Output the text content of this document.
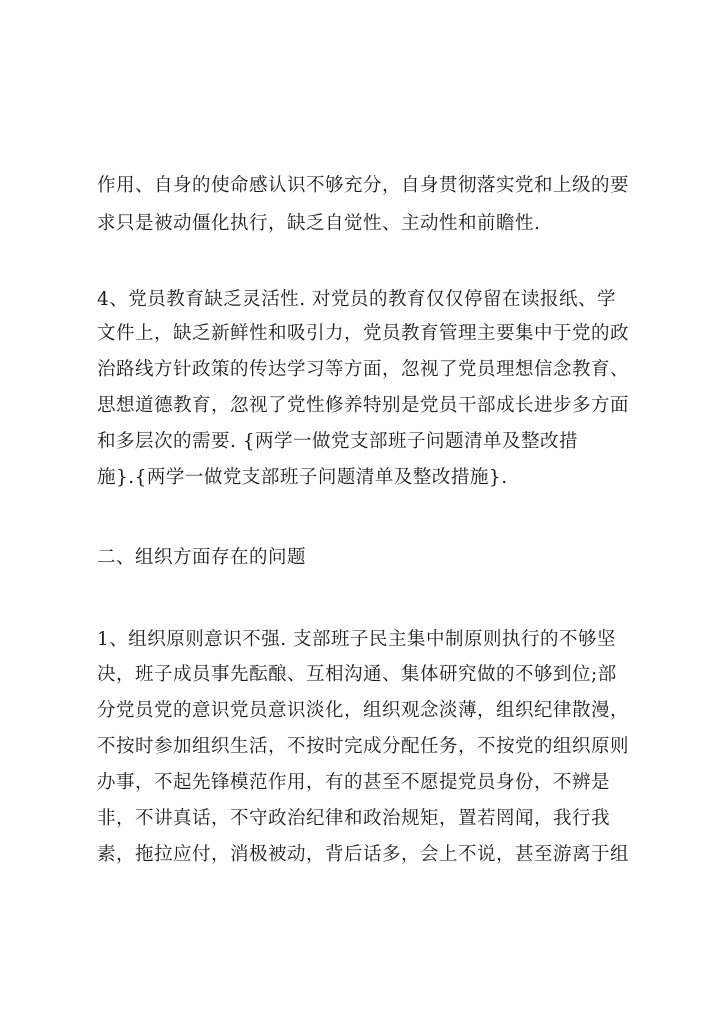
作用、自身的使命感认识不够充分，自身贯彻落实党和上级的要
求只是被动僵化执行，缺乏自觉性、主动性和前瞻性.
4、党员教育缺乏灵活性. 对党员的教育仅仅停留在读报纸、学
文件上，缺乏新鲜性和吸引力，党员教育管理主要集中于党的政
治路线方针政策的传达学习等方面，忽视了党员理想信念教育、
思想道德教育，忽视了党性修养特别是党员干部成长进步多方面
和多层次的需要. {两学一做党支部班子问题清单及整改措
施}.{两学一做党支部班子问题清单及整改措施}.
二、组织方面存在的问题
1、组织原则意识不强. 支部班子民主集中制原则执行的不够坚
决，班子成员事先酝酿、互相沟通、集体研究做的不够到位;部
分党员党的意识党员意识淡化，组织观念淡薄，组织纪律散漫，
不按时参加组织生活，不按时完成分配任务，不按党的组织原则
办事，不起先锋模范作用，有的甚至不愿提党员身份，不辨是
非，不讲真话，不守政治纪律和政治规矩，置若罔闻，我行我
素，拖拉应付，消极被动，背后话多，会上不说，甚至游离于组
